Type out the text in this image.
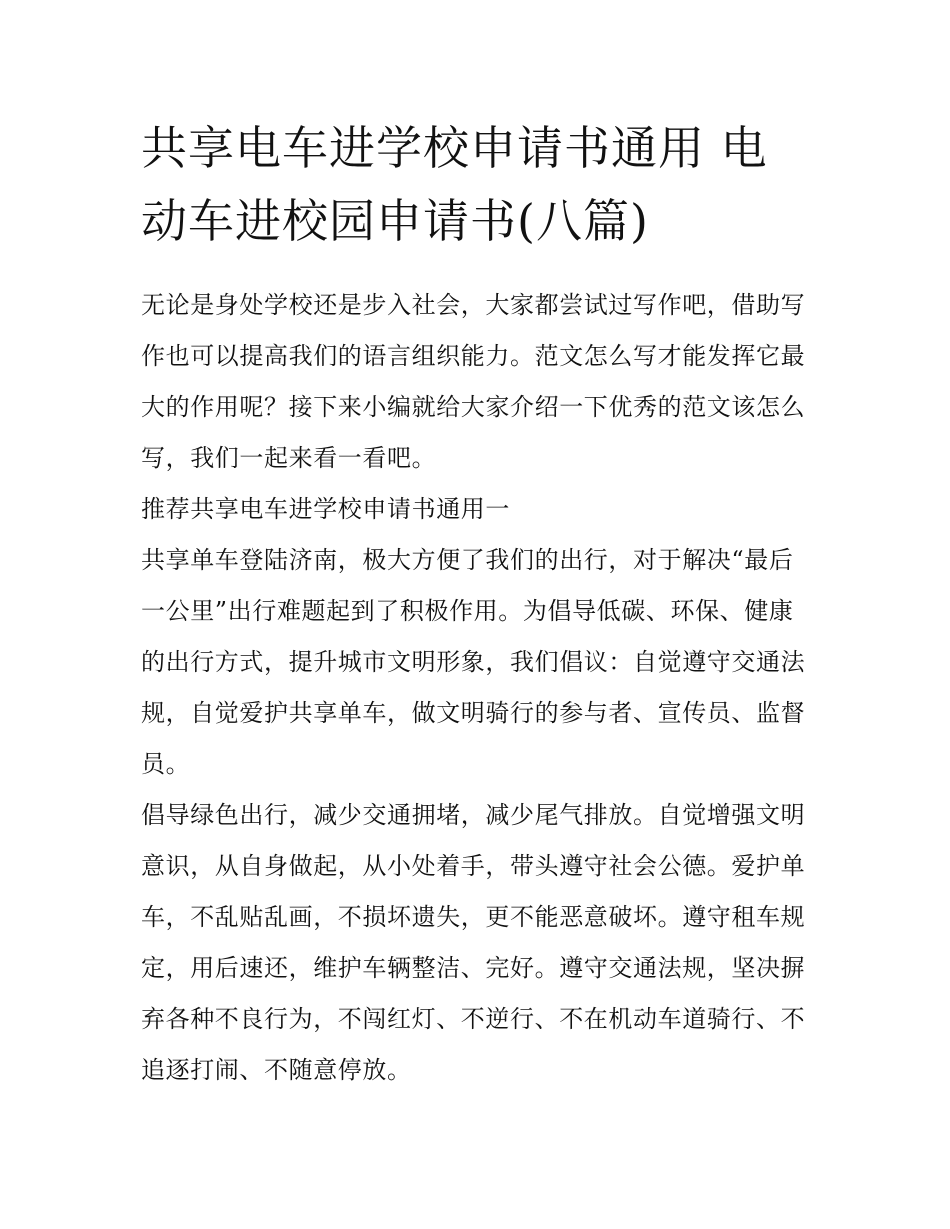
共享电车进学校申请书通用 电动车进校园申请书(八篇)

无论是身处学校还是步入社会，大家都尝试过写作吧，借助写作也可以提高我们的语言组织能力。范文怎么写才能发挥它最大的作用呢？接下来小编就给大家介绍一下优秀的范文该怎么写，我们一起来看一看吧。

推荐共享电车进学校申请书通用一

共享单车登陆济南，极大方便了我们的出行，对于解决“最后一公里”出行难题起到了积极作用。为倡导低碳、环保、健康的出行方式，提升城市文明形象，我们倡议：自觉遵守交通法规，自觉爱护共享单车，做文明骑行的参与者、宣传员、监督员。

倡导绿色出行，减少交通拥堵，减少尾气排放。自觉增强文明意识，从自身做起，从小处着手，带头遵守社会公德。爱护单车，不乱贴乱画，不损坏遗失，更不能恶意破坏。遵守租车规定，用后速还，维护车辆整洁、完好。遵守交通法规，坚决摒弃各种不良行为，不闯红灯、不逆行、不在机动车道骑行、不追逐打闹、不随意停放。
